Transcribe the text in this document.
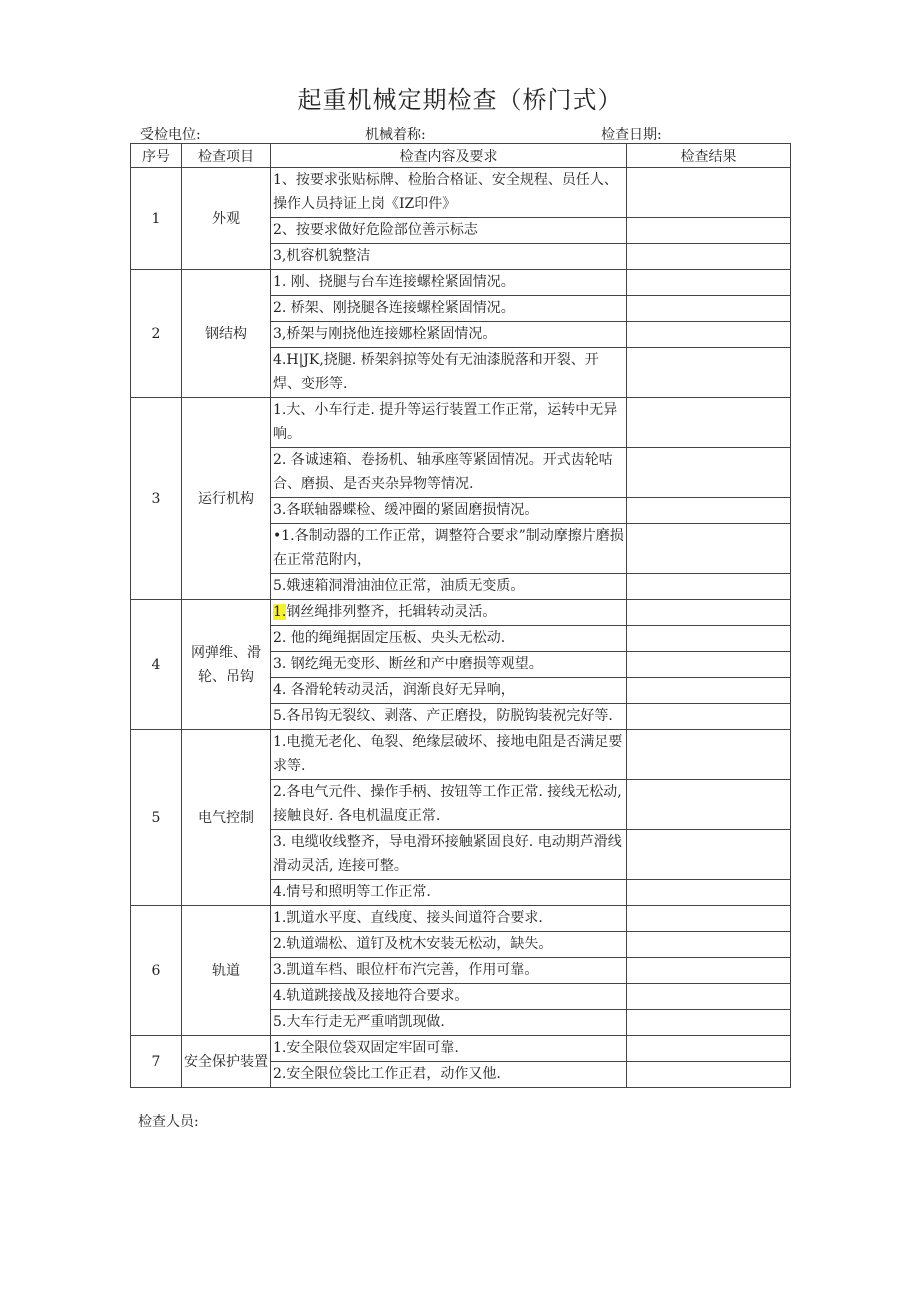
起重机械定期检查（桥门式）
受检电位:	机械着称:	检查日期:
序号	检查项目	检查内容及要求	检查结果
1	外观	1、按要求张贴标牌、检胎合格证、安全规程、员任人、操作人员持证上岗《IZ印件》	
		2、按要求做好危险部位善示标志	
		3,机容机貌整洁	
2	钢结构	1. 刚、挠腿与台车连接螺栓紧固情况。	
		2. 桥架、刚挠腿各连接螺栓紧固情况。	
		3,桥架与刚挠他连接娜栓紧固情况。	
		4.H|JK,挠腿. 桥架斜掠等处有无油漆脱落和开裂、开焊、变形等.	
3	运行机构	1.大、小车行走. 提升等运行装置工作正常，运转中无异响。	
		2. 各诚速箱、卷扬机、轴承座等紧固情况。开式齿轮咕合、磨损、是否夹杂异物等情况.	
		3.各联轴器蝶检、缓冲圈的紧固磨损情况。	
		•1.各制动器的工作正常，调整符合要求”制动摩擦片磨损在正常范附内，	
		5.娥速箱洞滑油油位正常，油质无变质。	
4	网弹维、滑轮、吊钩	1.钢丝绳排列整齐，托辑转动灵活。	
		2. 他的绳绳据固定压板、央头无松动.	
		3. 钢纥绳无变形、断丝和产中磨损等观望。	
		4. 各滑轮转动灵活，润渐良好无异响，	
		5.各吊钩无裂纹、剥落、产正磨投，防脱钩装祝完好等.	
5	电气控制	1.电揽无老化、龟裂、绝缘层破坏、接地电阻是否满足要求等.	
		2.各电气元件、操作手柄、按钮等工作正常. 接线无松动, 接触良好. 各电机温度正常.	
		3. 电缆收线整齐，导电滑环接触紧固良好. 电动期芦滑线滑动灵活, 连接可整。	
		4.情号和照明等工作正常.	
6	轨道	1.凯道水平度、直线度、接头间道符合要求.	
		2.轨道端松、道钉及枕木安装无松动，缺失。	
		3.凯道车档、眼位杆布汽完善，作用可靠。	
		4.轨道跳接战及接地符合要求。	
		5.大车行走无严重哨凯现做.	
7	安全保护装置	1.安全限位袋双固定牢固可靠.	
		2.安全限位袋比工作正君，动作又他.	
检查人员:
